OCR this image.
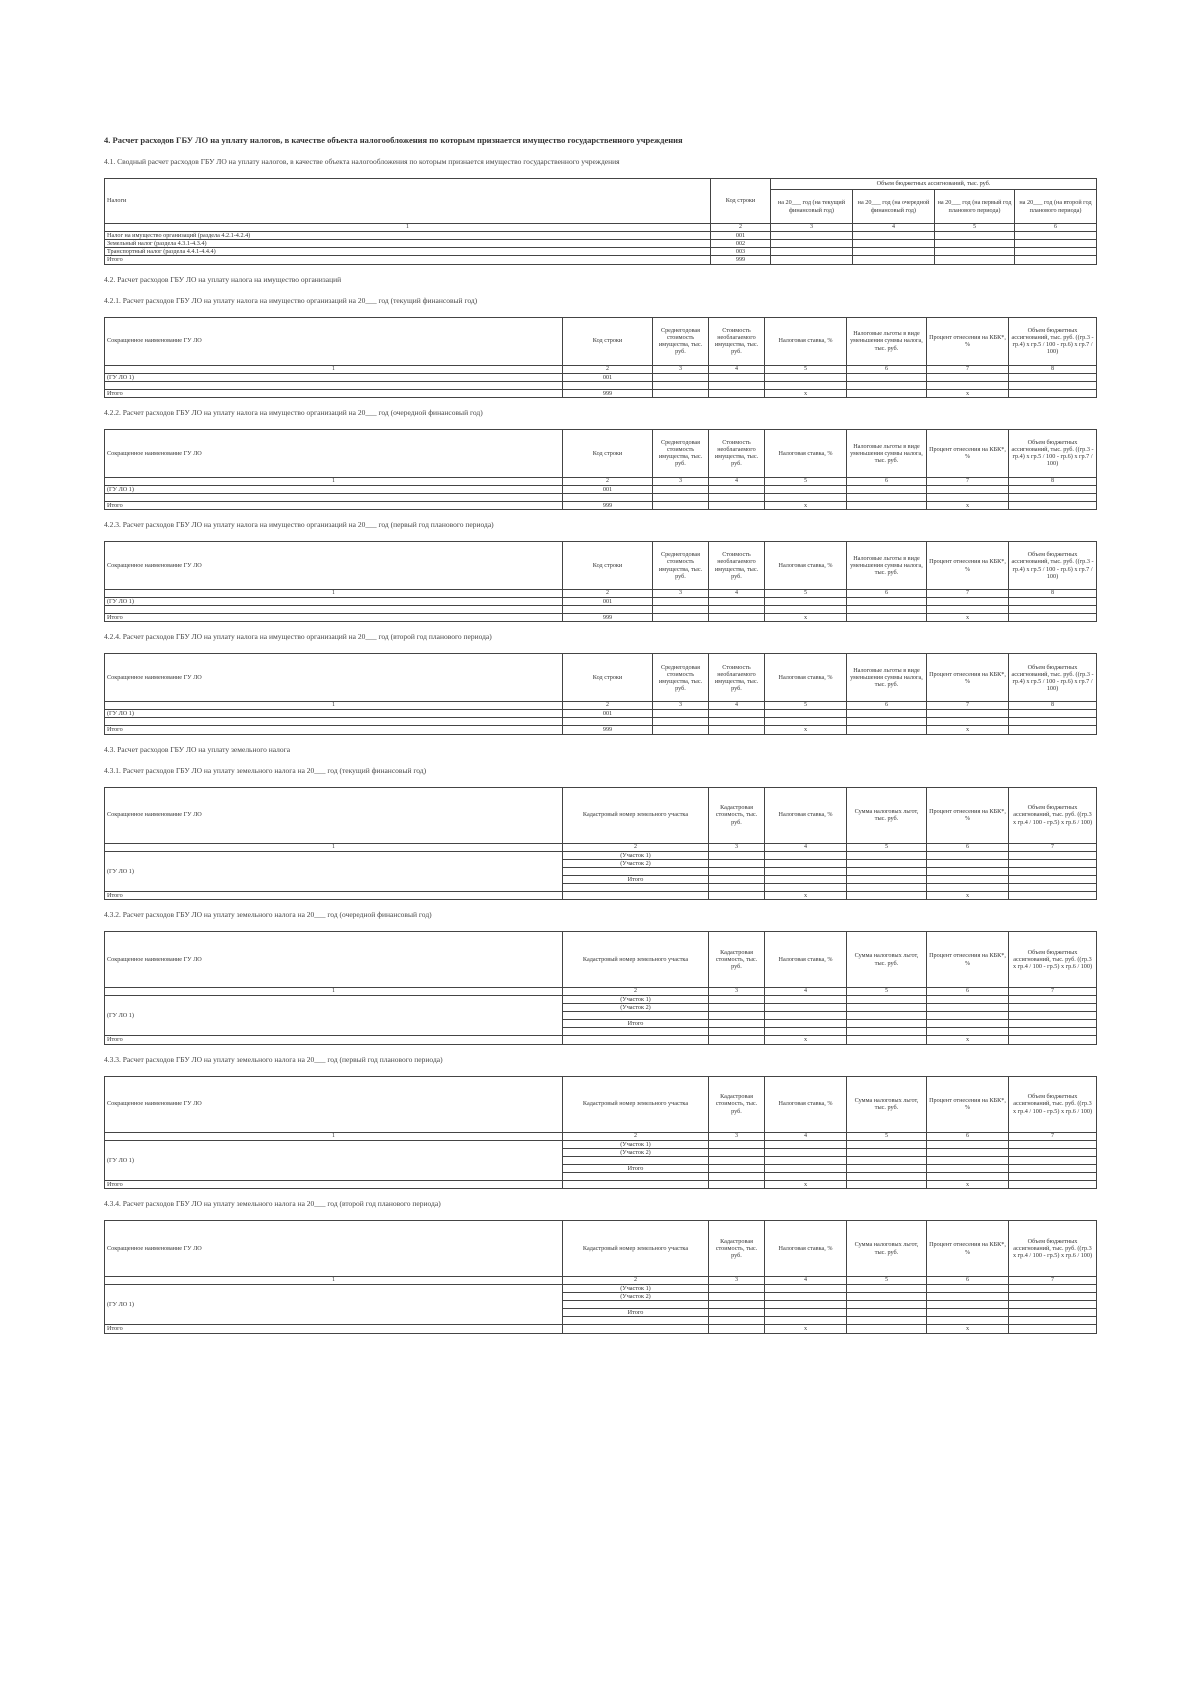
4. Расчет расходов ГБУ ЛО на уплату налогов, в качестве объекта налогообложения по которым признается имущество государственного учреждения
4.1. Сводный расчет расходов ГБУ ЛО на уплату налогов, в качестве объекта налогообложения по которым признается имущество государственного учреждения
Налоги	Код строки	Объем бюджетных ассигнований, тыс. руб.			
		на 20___ год (на текущий финансовый год)	на 20___ год (на очередной финансовый год)	на 20___ год (на первый год планового периода)	на 20___ год (на второй год планового периода)
1	2	3	4	5	6
Налог на имущество организаций (раздела 4.2.1-4.2.4)	001				
Земельный налог (раздела 4.3.1-4.3.4)	002				
Транспортный налог (раздела 4.4.1-4.4.4)	003				
Итого	999				
4.2. Расчет расходов ГБУ ЛО на уплату налога на имущество организаций
4.2.1. Расчет расходов ГБУ ЛО на уплату налога на имущество организаций на 20___ год (текущий финансовый год)
Сокращенное наименование ГУ ЛО	Код строки	Среднегодовая стоимость имущества, тыс. руб.	Стоимость необлагаемого имущества, тыс. руб.	Налоговая ставка, %	Налоговые льготы в виде уменьшения суммы налога, тыс. руб.	Процент отнесения на КБК*, %	Объем бюджетных ассигнований, тыс. руб. ((гр.3 - гр.4) x гр.5 / 100 - гр.6) x гр.7 / 100)
1	2	3	4	5	6	7	8
(ГУ ЛО 1)	001						

Итого	999			x		x	
4.2.2. Расчет расходов ГБУ ЛО на уплату налога на имущество организаций на 20___ год (очередной финансовый год)
Сокращенное наименование ГУ ЛО	Код строки	Среднегодовая стоимость имущества, тыс. руб.	Стоимость необлагаемого имущества, тыс. руб.	Налоговая ставка, %	Налоговые льготы в виде уменьшения суммы налога, тыс. руб.	Процент отнесения на КБК*, %	Объем бюджетных ассигнований, тыс. руб. ((гр.3 - гр.4) x гр.5 / 100 - гр.6) x гр.7 / 100)
1	2	3	4	5	6	7	8
(ГУ ЛО 1)	001						

Итого	999			x		x	
4.2.3. Расчет расходов ГБУ ЛО на уплату налога на имущество организаций на 20___ год (первый год планового периода)
Сокращенное наименование ГУ ЛО	Код строки	Среднегодовая стоимость имущества, тыс. руб.	Стоимость необлагаемого имущества, тыс. руб.	Налоговая ставка, %	Налоговые льготы в виде уменьшения суммы налога, тыс. руб.	Процент отнесения на КБК*, %	Объем бюджетных ассигнований, тыс. руб. ((гр.3 - гр.4) x гр.5 / 100 - гр.6) x гр.7 / 100)
1	2	3	4	5	6	7	8
(ГУ ЛО 1)	001						

Итого	999			x		x	
4.2.4. Расчет расходов ГБУ ЛО на уплату налога на имущество организаций на 20___ год (второй год планового периода)
Сокращенное наименование ГУ ЛО	Код строки	Среднегодовая стоимость имущества, тыс. руб.	Стоимость необлагаемого имущества, тыс. руб.	Налоговая ставка, %	Налоговые льготы в виде уменьшения суммы налога, тыс. руб.	Процент отнесения на КБК*, %	Объем бюджетных ассигнований, тыс. руб. ((гр.3 - гр.4) x гр.5 / 100 - гр.6) x гр.7 / 100)
1	2	3	4	5	6	7	8
(ГУ ЛО 1)	001						

Итого	999			x		x	
4.3. Расчет расходов ГБУ ЛО на уплату земельного налога
4.3.1. Расчет расходов ГБУ ЛО на уплату земельного налога на 20___ год (текущий финансовый год)
Сокращенное наименование ГУ ЛО	Кадастровый номер земельного участка	Кадастровая стоимость, тыс. руб.	Налоговая ставка, %	Сумма налоговых льгот, тыс. руб.	Процент отнесения на КБК*, %	Объем бюджетных ассигнований, тыс. руб. ((гр.3 x гр.4 / 100 - гр.5) x гр.6 / 100)
1	2	3	4	5	6	7
(ГУ ЛО 1)	(Участок 1)					
	(Участок 2)					

	Итого					

Итого			x		x	
4.3.2. Расчет расходов ГБУ ЛО на уплату земельного налога на 20___ год (очередной финансовый год)
Сокращенное наименование ГУ ЛО	Кадастровый номер земельного участка	Кадастровая стоимость, тыс. руб.	Налоговая ставка, %	Сумма налоговых льгот, тыс. руб.	Процент отнесения на КБК*, %	Объем бюджетных ассигнований, тыс. руб. ((гр.3 x гр.4 / 100 - гр.5) x гр.6 / 100)
1	2	3	4	5	6	7
(ГУ ЛО 1)	(Участок 1)					
	(Участок 2)					

	Итого					

Итого			x		x	
4.3.3. Расчет расходов ГБУ ЛО на уплату земельного налога на 20___ год (первый год планового периода)
Сокращенное наименование ГУ ЛО	Кадастровый номер земельного участка	Кадастровая стоимость, тыс. руб.	Налоговая ставка, %	Сумма налоговых льгот, тыс. руб.	Процент отнесения на КБК*, %	Объем бюджетных ассигнований, тыс. руб. ((гр.3 x гр.4 / 100 - гр.5) x гр.6 / 100)
1	2	3	4	5	6	7
(ГУ ЛО 1)	(Участок 1)					
	(Участок 2)					

	Итого					

Итого			x		x	
4.3.4. Расчет расходов ГБУ ЛО на уплату земельного налога на 20___ год (второй год планового периода)
Сокращенное наименование ГУ ЛО	Кадастровый номер земельного участка	Кадастровая стоимость, тыс. руб.	Налоговая ставка, %	Сумма налоговых льгот, тыс. руб.	Процент отнесения на КБК*, %	Объем бюджетных ассигнований, тыс. руб. ((гр.3 x гр.4 / 100 - гр.5) x гр.6 / 100)
1	2	3	4	5	6	7
(ГУ ЛО 1)	(Участок 1)					
	(Участок 2)					

	Итого					

Итого			x		x	
